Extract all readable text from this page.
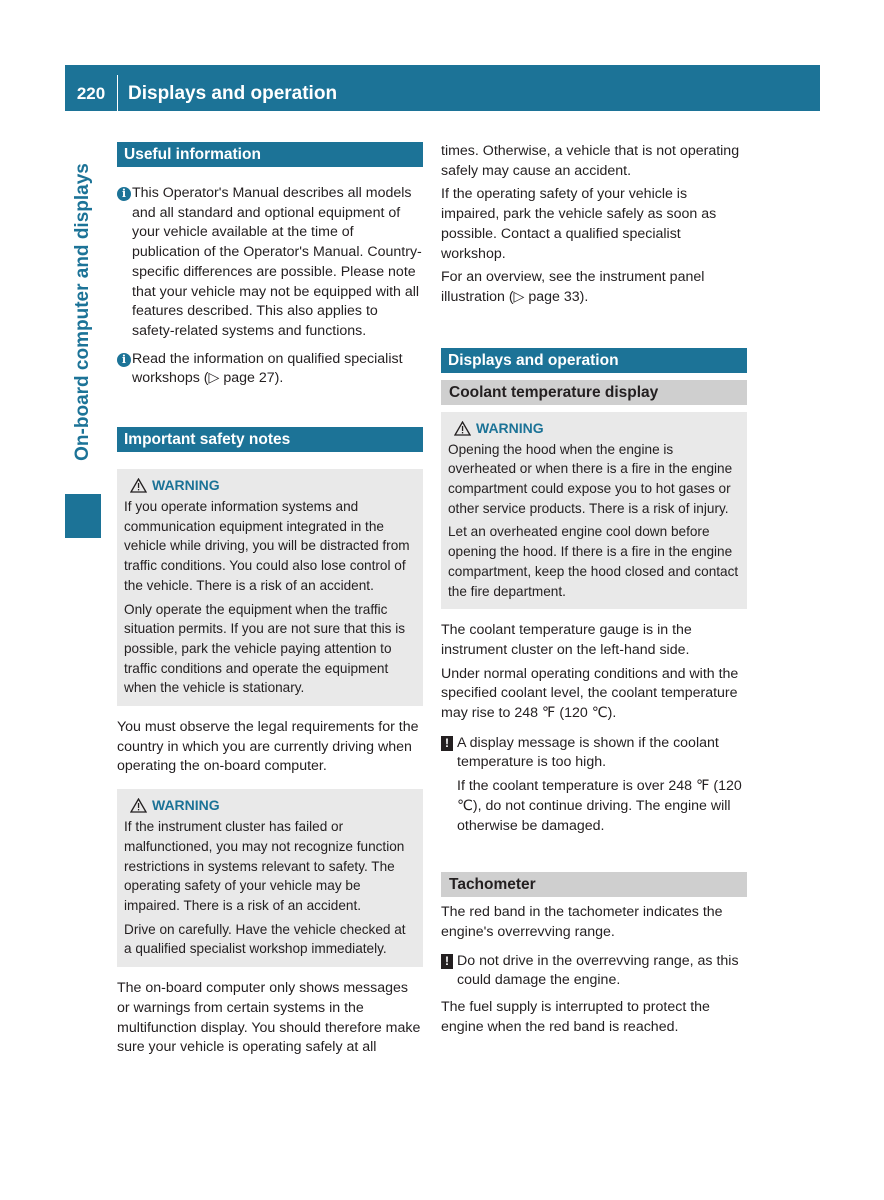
220	Displays and operation
On-board computer and displays
Useful information
i This Operator's Manual describes all models and all standard and optional equipment of your vehicle available at the time of publication of the Operator's Manual. Country-specific differences are possible. Please note that your vehicle may not be equipped with all features described. This also applies to safety-related systems and functions.
i Read the information on qualified specialist workshops (▷ page 27).
Important safety notes
WARNING
If you operate information systems and communication equipment integrated in the vehicle while driving, you will be distracted from traffic conditions. You could also lose control of the vehicle. There is a risk of an accident.
Only operate the equipment when the traffic situation permits. If you are not sure that this is possible, park the vehicle paying attention to traffic conditions and operate the equipment when the vehicle is stationary.
You must observe the legal requirements for the country in which you are currently driving when operating the on-board computer.
WARNING
If the instrument cluster has failed or malfunctioned, you may not recognize function restrictions in systems relevant to safety. The operating safety of your vehicle may be impaired. There is a risk of an accident.
Drive on carefully. Have the vehicle checked at a qualified specialist workshop immediately.
The on-board computer only shows messages or warnings from certain systems in the multifunction display. You should therefore make sure your vehicle is operating safely at all
times. Otherwise, a vehicle that is not operating safely may cause an accident.
If the operating safety of your vehicle is impaired, park the vehicle safely as soon as possible. Contact a qualified specialist workshop.
For an overview, see the instrument panel illustration (▷ page 33).
Displays and operation
Coolant temperature display
WARNING
Opening the hood when the engine is overheated or when there is a fire in the engine compartment could expose you to hot gases or other service products. There is a risk of injury.
Let an overheated engine cool down before opening the hood. If there is a fire in the engine compartment, keep the hood closed and contact the fire department.
The coolant temperature gauge is in the instrument cluster on the left-hand side.
Under normal operating conditions and with the specified coolant level, the coolant temperature may rise to 248 ℉ (120 ℃).
! A display message is shown if the coolant temperature is too high.
If the coolant temperature is over 248 ℉ (120 ℃), do not continue driving. The engine will otherwise be damaged.
Tachometer
The red band in the tachometer indicates the engine's overrevving range.
! Do not drive in the overrevving range, as this could damage the engine.
The fuel supply is interrupted to protect the engine when the red band is reached.
